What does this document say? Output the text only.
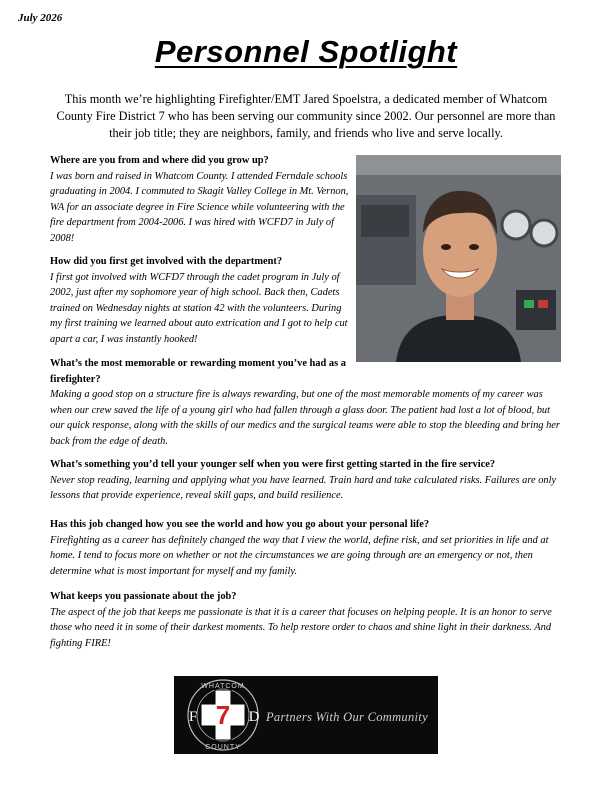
July 2026
Personnel Spotlight
This month we’re highlighting Firefighter/EMT Jared Spoelstra, a dedicated member of Whatcom County Fire District 7 who has been serving our community since 2002. Our personnel are more than their job title; they are neighbors, family, and friends who live and serve locally.
Where are you from and where did you grow up?
I was born and raised in Whatcom County. I attended Ferndale schools graduating in 2004. I commuted to Skagit Valley College in Mt. Vernon, WA for an associate degree in Fire Science while volunteering with the fire department from 2004-2006. I was hired with WCFD7 in July of 2008!
How did you first get involved with the department?
I first got involved with WCFD7 through the cadet program in July of 2002, just after my sophomore year of high school. Back then, Cadets trained on Wednesday nights at station 42 with the volunteers. During my first training we learned about auto extrication and I got to help cut apart a car, I was instantly hooked!
What’s the most memorable or rewarding moment you’ve had as a firefighter?
Making a good stop on a structure fire is always rewarding, but one of the most memorable moments of my career was when our crew saved the life of a young girl who had fallen through a glass door. The patient had lost a lot of blood, but our quick response, along with the skills of our medics and the surgical teams were able to stop the bleeding and bring her back from the edge of death.
What’s something you’d tell your younger self when you were first getting started in the fire service?
Never stop reading, learning and applying what you have learned. Train hard and take calculated risks. Failures are only lessons that provide experience, reveal skill gaps, and build resilience.
Has this job changed how you see the world and how you go about your personal life?
Firefighting as a career has definitely changed the way that I view the world, define risk, and set priorities in life and at home. I tend to focus more on whether or not the circumstances we are going through are an emergency or not, then determine what is most important for myself and my family.
What keeps you passionate about the job?
The aspect of the job that keeps me passionate is that it is a career that focuses on helping people. It is an honor to serve those who need it in some of their darkest moments. To help restore order to chaos and shine light in their darkness. And fighting FIRE!
WHATCOM
COUNTY
F	D
7	Partners With Our Community
